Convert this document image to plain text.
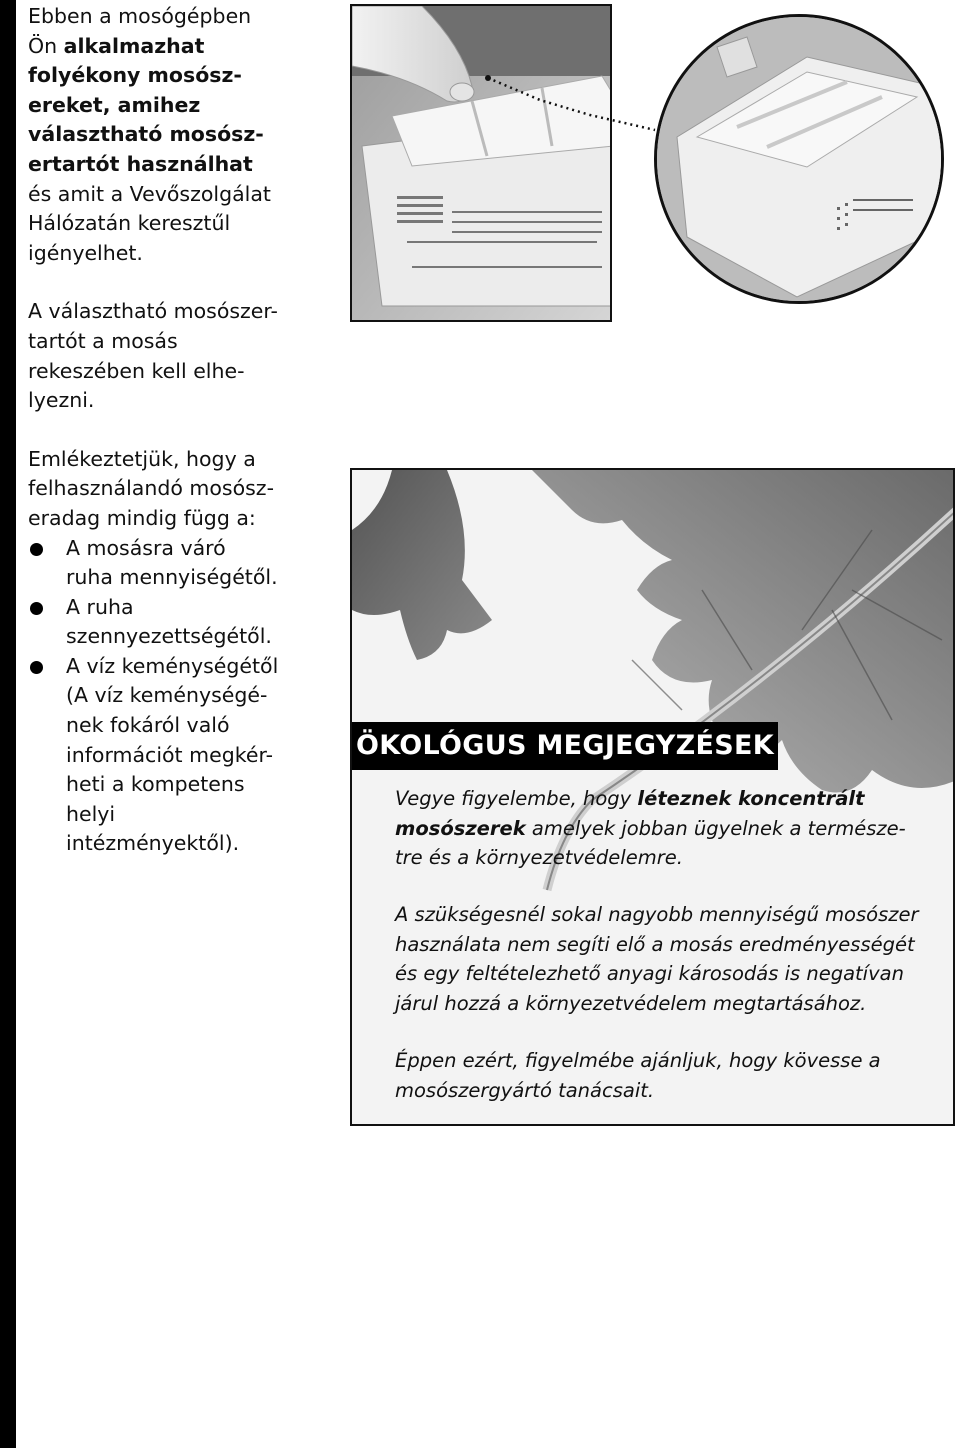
Ebben a mosógépben
Ön alkalmazhat
folyékony mosósz-
ereket, amihez
választható mosósz-
ertartót használhat
és amit a Vevőszolgálat
Hálózatán keresztűl
igényelhet.

A választható mosószer-
tartót a mosás
rekeszében kell elhe-
lyezni.

Emlékeztetjük, hogy a
felhasználandó mosósz-
eradag mindig függ a:

A mosásra váró
ruha mennyiségétől.
A ruha
szennyezettségétől.
A víz keménységétől
(A víz keménységé-
nek fokáról való
információt megkér-
heti a kompetens
helyi
intézményektől).
ÖKOLÓGUS MEGJEGYZÉSEK

Vegye figyelembe, hogy léteznek koncentrált
mosószerek amelyek jobban ügyelnek a természe-
tre és a környezetvédelemre.

A szükségesnél sokal nagyobb mennyiségű mosószer
használata nem segíti elő a mosás eredményességét
és egy feltételezhető anyagi károsodás is negatívan
járul hozzá a környezetvédelem megtartásához.

Éppen ezért, figyelmébe ajánljuk, hogy kövesse a
mosószergyártó tanácsait.
